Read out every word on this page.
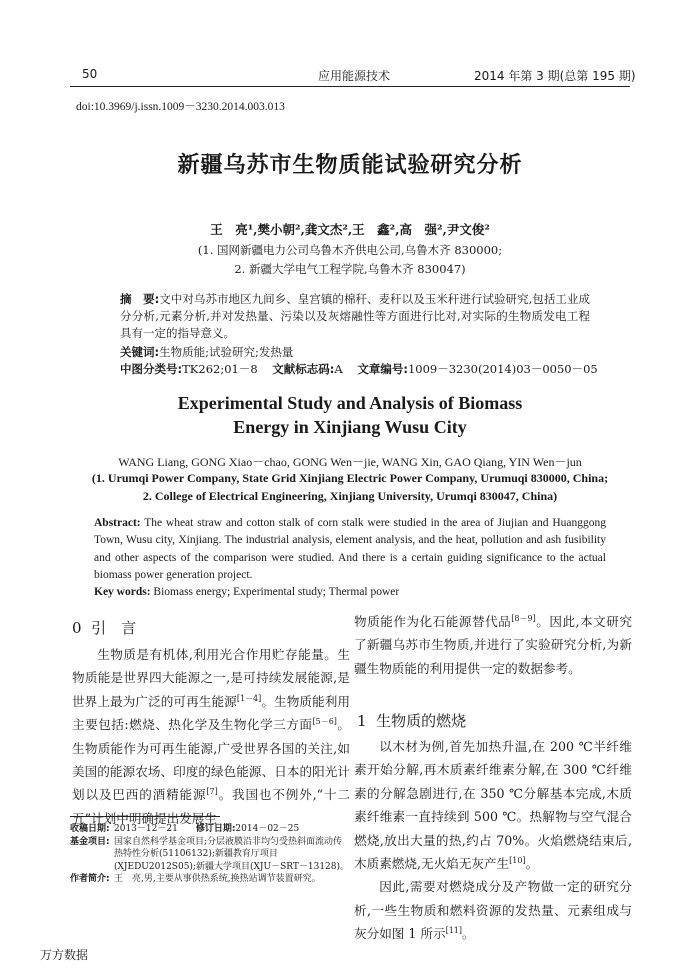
50	应用能源技术	2014 年第 3 期(总第 195 期)
doi:10.3969/j.issn.1009－3230.2014.003.013
新疆乌苏市生物质能试验研究分析
王　亮¹,樊小朝²,龚文杰²,王　鑫²,高　强²,尹文俊²
(1. 国网新疆电力公司乌鲁木齐供电公司,乌鲁木齐 830000;
2. 新疆大学电气工程学院,乌鲁木齐 830047)
摘　要:文中对乌苏市地区九间乡、皇宫镇的棉秆、麦秆以及玉米秆进行试验研究,包括工业成分分析,元素分析,并对发热量、污染以及灰熔融性等方面进行比对,对实际的生物质发电工程具有一定的指导意义。
关键词:生物质能;试验研究;发热量
中图分类号:TK262;01－8 文献标志码:A 文章编号:1009－3230(2014)03－0050－05
Experimental Study and Analysis of Biomass
Energy in Xinjiang Wusu City
WANG Liang, GONG Xiao－chao, GONG Wen－jie, WANG Xin, GAO Qiang, YIN Wen－jun
(1. Urumqi Power Company, State Grid Xinjiang Electric Power Company, Urumuqi 830000, China;
2. College of Electrical Engineering, Xinjiang University, Urumqi 830047, China)
Abstract: The wheat straw and cotton stalk of corn stalk were studied in the area of Jiujian and Huanggong Town, Wusu city, Xinjiang. The industrial analysis, element analysis, and the heat, pollution and ash fusibility and other aspects of the comparison were studied. And there is a certain guiding significance to the actual biomass power generation project.
Key words: Biomass energy; Experimental study; Thermal power
0 引　言

生物质是有机体,利用光合作用贮存能量。生物质能是世界四大能源之一,是可持续发展能源,是世界上最为广泛的可再生能源[1－4]。生物质能利用主要包括:燃烧、热化学及生物化学三方面[5－6]。生物质能作为可再生能源,广受世界各国的关注,如美国的能源农场、印度的绿色能源、日本的阳光计划以及巴西的酒精能源[7]。我国也不例外,“十二五”计划中明确提出发展生

收稿日期: 2013－12－21 修订日期: 2014－02－25
基金项目: 国家自然科学基金项目;分层液膜沿非均匀受热斜面流动传热特性分析(51106132);新疆教育厅项目(XJEDU2012S05);新疆大学项目(XJU－SRT－13128)。
作者简介: 王　亮,男,主要从事供热系统,换热站调节装置研究。

物质能作为化石能源替代品[8－9]。因此,本文研究了新疆乌苏市生物质,并进行了实验研究分析,为新疆生物质能的利用提供一定的数据参考。

1 生物质的燃烧

以木材为例,首先加热升温,在 200 ℃半纤维素开始分解,再木质素纤维素分解,在 300 ℃纤维素的分解急剧进行,在 350 ℃分解基本完成,木质素纤维素一直持续到 500 ℃。热解物与空气混合燃烧,放出大量的热,约占 70%。火焰燃烧结束后,木质素燃烧,无火焰无灰产生[10]。

因此,需要对燃烧成分及产物做一定的研究分析,一些生物质和燃料资源的发热量、元素组成与灰分如图 1 所示[11]。

万方数据
